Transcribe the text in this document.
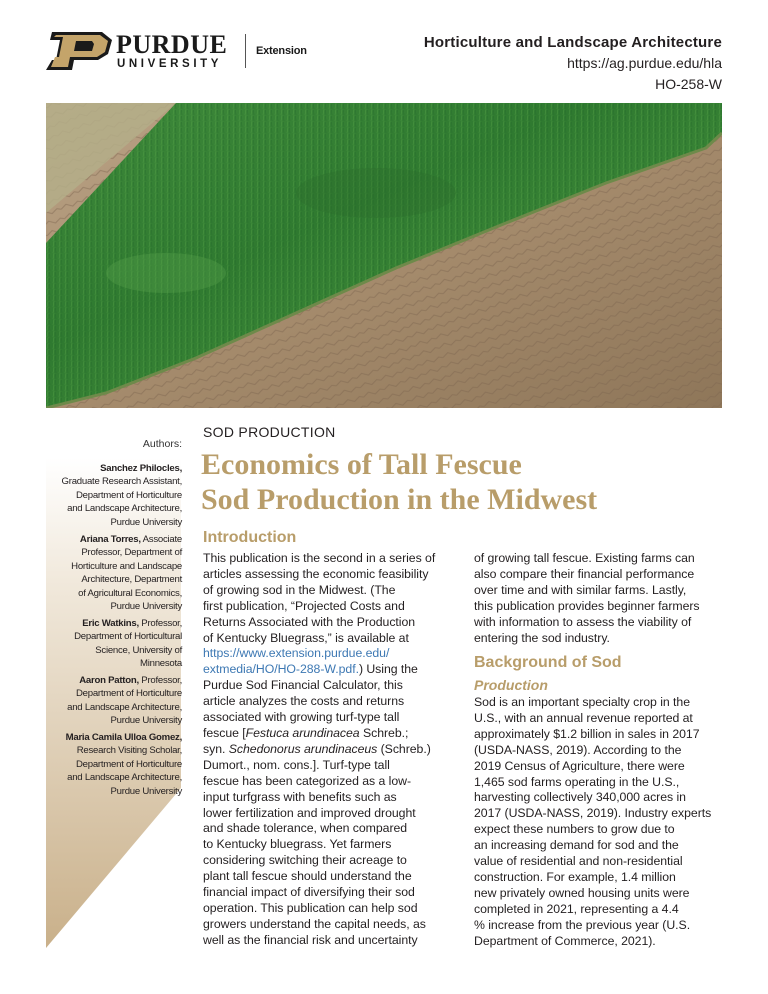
PURDUE
UNIVERSITY
Extension	Horticulture and Landscape Architecture
https://ag.purdue.edu/hla
HO-258-W
Authors:
Sanchez Philocles,
Graduate Research Assistant,
Department of Horticulture
and Landscape Architecture,
Purdue University
Ariana Torres, Associate
Professor, Department of
Horticulture and Landscape
Architecture, Department
of Agricultural Economics,
Purdue University
Eric Watkins, Professor,
Department of Horticultural
Science, University of
Minnesota
Aaron Patton, Professor,
Department of Horticulture
and Landscape Architecture,
Purdue University
Maria Camila Ulloa Gomez,
Research Visiting Scholar,
Department of Horticulture
and Landscape Architecture,
Purdue University
SOD PRODUCTION
Economics of Tall Fescue
Sod Production in the Midwest
Introduction
This publication is the second in a series of
articles assessing the economic feasibility
of growing sod in the Midwest. (The
first publication, “Projected Costs and
Returns Associated with the Production
of Kentucky Bluegrass,” is available at
https://www.extension.purdue.edu/
extmedia/HO/HO-288-W.pdf.) Using the
Purdue Sod Financial Calculator, this
article analyzes the costs and returns
associated with growing turf-type tall
fescue [Festuca arundinacea Schreb.;
syn. Schedonorus arundinaceus (Schreb.)
Dumort., nom. cons.]. Turf-type tall
fescue has been categorized as a low-
input turfgrass with benefits such as
lower fertilization and improved drought
and shade tolerance, when compared
to Kentucky bluegrass. Yet farmers
considering switching their acreage to
plant tall fescue should understand the
financial impact of diversifying their sod
operation. This publication can help sod
growers understand the capital needs, as
well as the financial risk and uncertainty
of growing tall fescue. Existing farms can
also compare their financial performance
over time and with similar farms. Lastly,
this publication provides beginner farmers
with information to assess the viability of
entering the sod industry.
Background of Sod
Production
Sod is an important specialty crop in the
U.S., with an annual revenue reported at
approximately $1.2 billion in sales in 2017
(USDA-NASS, 2019). According to the
2019 Census of Agriculture, there were
1,465 sod farms operating in the U.S.,
harvesting collectively 340,000 acres in
2017 (USDA-NASS, 2019). Industry experts
expect these numbers to grow due to
an increasing demand for sod and the
value of residential and non-residential
construction. For example, 1.4 million
new privately owned housing units were
completed in 2021, representing a 4.4
% increase from the previous year (U.S.
Department of Commerce, 2021).
